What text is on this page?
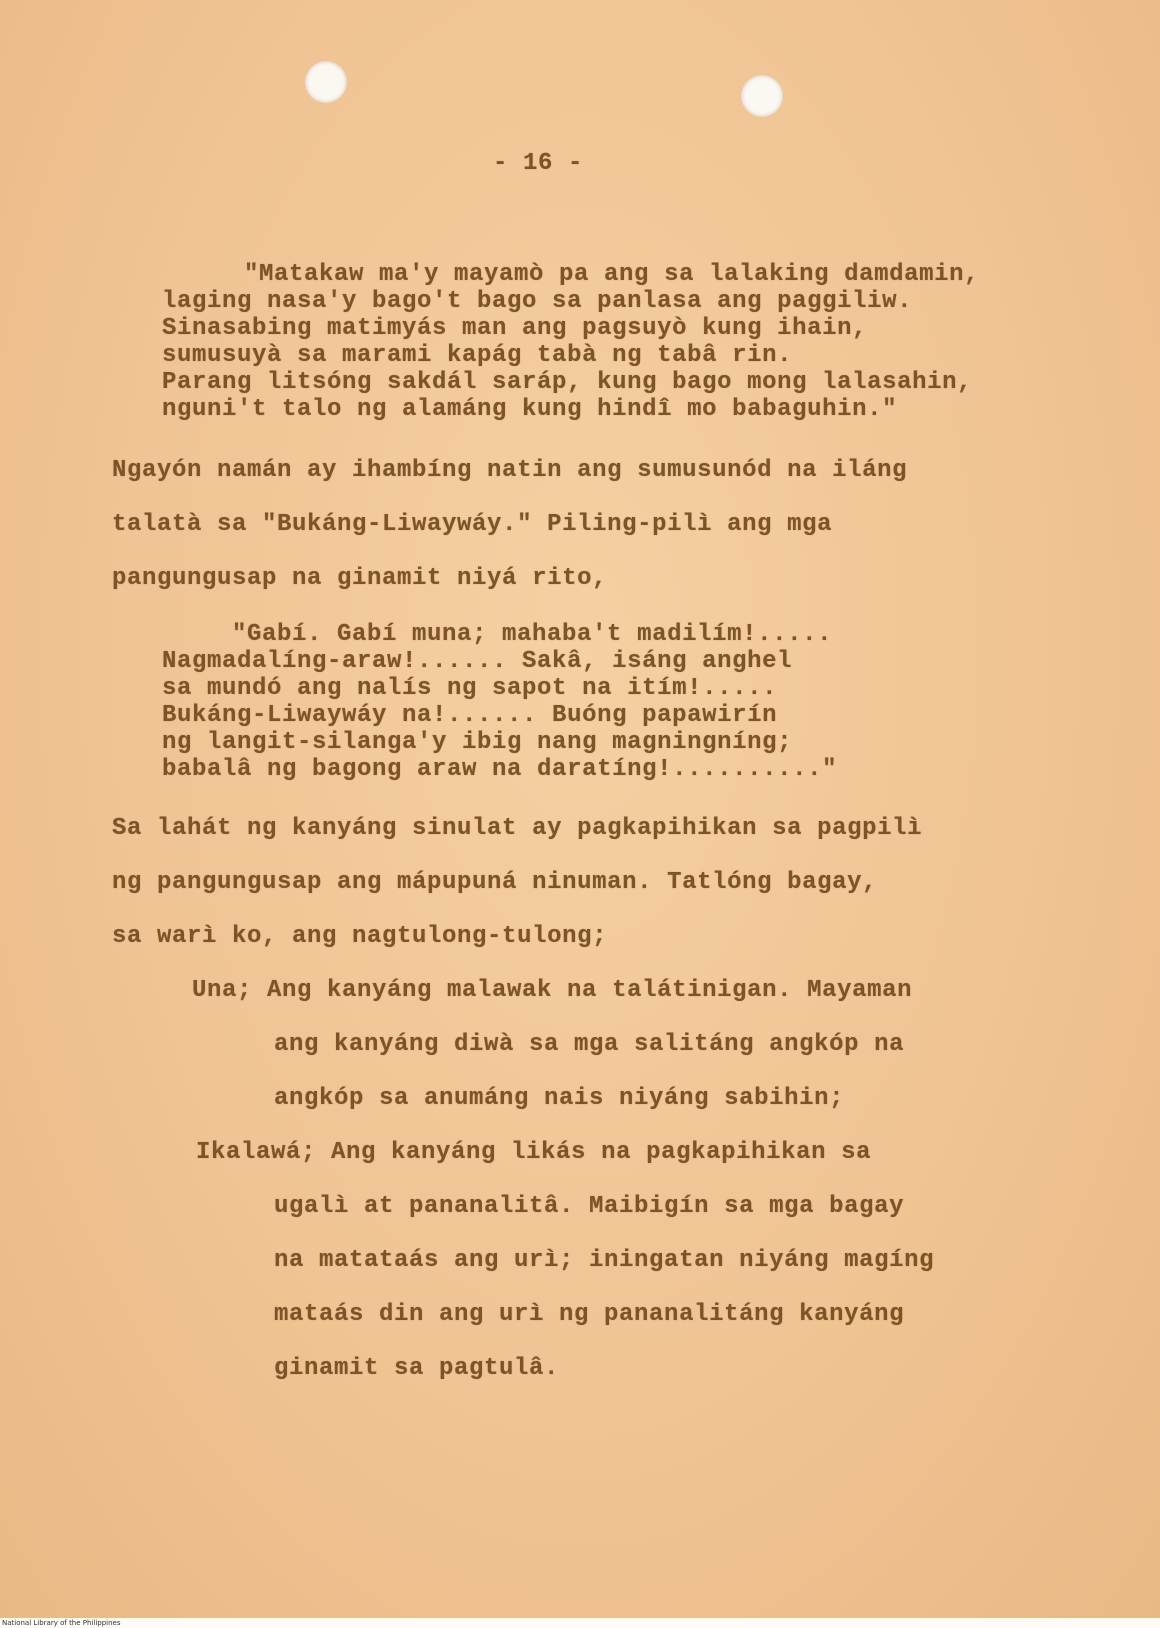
- 16 -
"Matakaw ma'y mayamò pa ang sa lalaking damdamin,
laging nasa'y bago't bago sa panlasa ang paggiliw.
Sinasabing matimyás man ang pagsuyò kung ihain,
sumusuyà sa marami kapág tabà ng tabâ rin.
Parang litsóng sakdál saráp, kung bago mong lalasahin,
nguni't talo ng alamáng kung hindî mo babaguhin."
Ngayón namán ay ihambíng natin ang sumusunód na iláng
talatà sa "Bukáng-Liwaywáy." Piling-pilì ang mga
pangungusap na ginamit niyá rito,
"Gabí. Gabí muna; mahaba't madilím!.....
Nagmadalíng-araw!...... Sakâ, isáng anghel
sa mundó ang nalís ng sapot na itím!.....
Bukáng-Liwaywáy na!...... Buóng papawirín
ng langit-silanga'y ibig nang magningníng;
babalâ ng bagong araw na daratíng!.........."
Sa lahát ng kanyáng sinulat ay pagkapihikan sa pagpilì
ng pangungusap ang mápupuná ninuman. Tatlóng bagay,
sa warì ko, ang nagtulong-tulong;
Una; Ang kanyáng malawak na talátinigan. Mayaman
ang kanyáng diwà sa mga salitáng angkóp na
angkóp sa anumáng nais niyáng sabihin;
Ikalawá; Ang kanyáng likás na pagkapihikan sa
ugalì at pananalitâ. Maibigín sa mga bagay
na matataás ang urì; iningatan niyáng magíng
mataás din ang urì ng pananalitáng kanyáng
ginamit sa pagtulâ.
National Library of the Philippines
